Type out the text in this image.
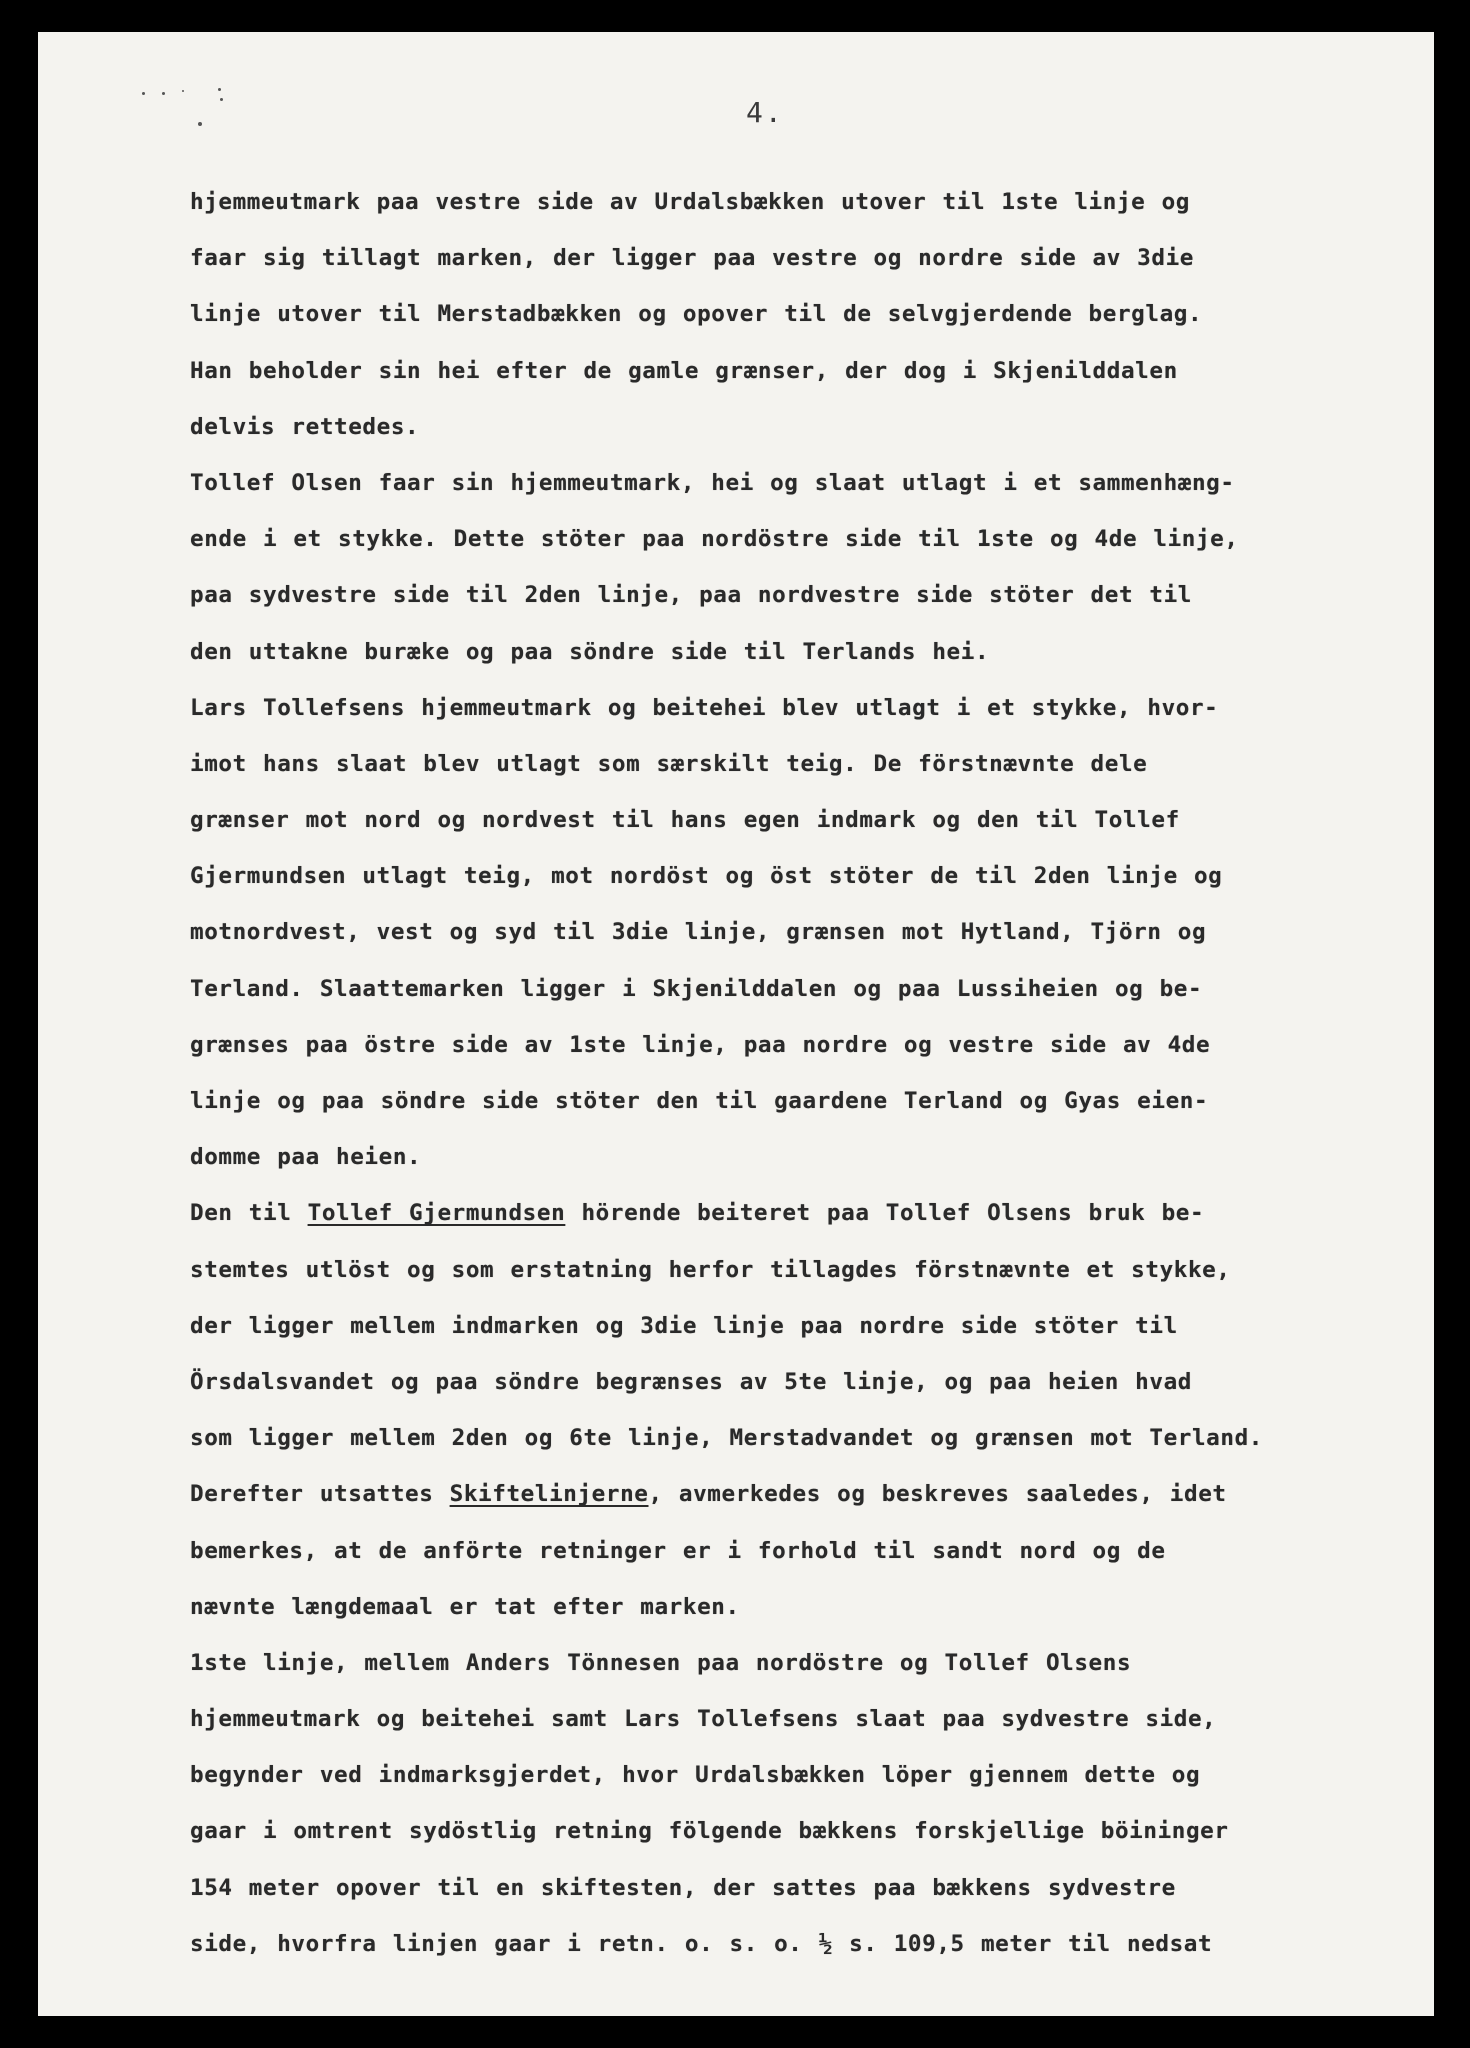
4.
hjemmeutmark paa vestre side av Urdalsbækken utover til 1ste linje og
faar sig tillagt marken, der ligger paa vestre og nordre side av 3die
linje utover til Merstadbækken og opover til de selvgjerdende berglag.
Han beholder sin hei efter de gamle grænser, der dog i Skjenilddalen
delvis rettedes.
Tollef Olsen faar sin hjemmeutmark, hei og slaat utlagt i et sammenhæng-
ende i et stykke. Dette stöter paa nordöstre side til 1ste og 4de linje,
paa sydvestre side til 2den linje, paa nordvestre side stöter det til
den uttakne buræke og paa söndre side til Terlands hei.
Lars Tollefsens hjemmeutmark og beitehei blev utlagt i et stykke, hvor-
imot hans slaat blev utlagt som særskilt teig. De förstnævnte dele
grænser mot nord og nordvest til hans egen indmark og den til Tollef
Gjermundsen utlagt teig, mot nordöst og öst stöter de til 2den linje og
motnordvest, vest og syd til 3die linje, grænsen mot Hytland, Tjörn og
Terland. Slaattemarken ligger i Skjenilddalen og paa Lussiheien og be-
grænses paa östre side av 1ste linje, paa nordre og vestre side av 4de
linje og paa söndre side stöter den til gaardene Terland og Gyas eien-
domme paa heien.
Den til Tollef Gjermundsen hörende beiteret paa Tollef Olsens bruk be-
stemtes utlöst og som erstatning herfor tillagdes förstnævnte et stykke,
der ligger mellem indmarken og 3die linje paa nordre side stöter til
Örsdalsvandet og paa söndre begrænses av 5te linje, og paa heien hvad
som ligger mellem 2den og 6te linje, Merstadvandet og grænsen mot Terland.
Derefter utsattes Skiftelinjerne, avmerkedes og beskreves saaledes, idet
bemerkes, at de anförte retninger er i forhold til sandt nord og de
nævnte længdemaal er tat efter marken.
1ste linje, mellem Anders Tönnesen paa nordöstre og Tollef Olsens
hjemmeutmark og beitehei samt Lars Tollefsens slaat paa sydvestre side,
begynder ved indmarksgjerdet, hvor Urdalsbækken löper gjennem dette og
gaar i omtrent sydöstlig retning fölgende bækkens forskjellige böininger
154 meter opover til en skiftesten, der sattes paa bækkens sydvestre
side, hvorfra linjen gaar i retn. o. s. o. ½ s. 109,5 meter til nedsat
